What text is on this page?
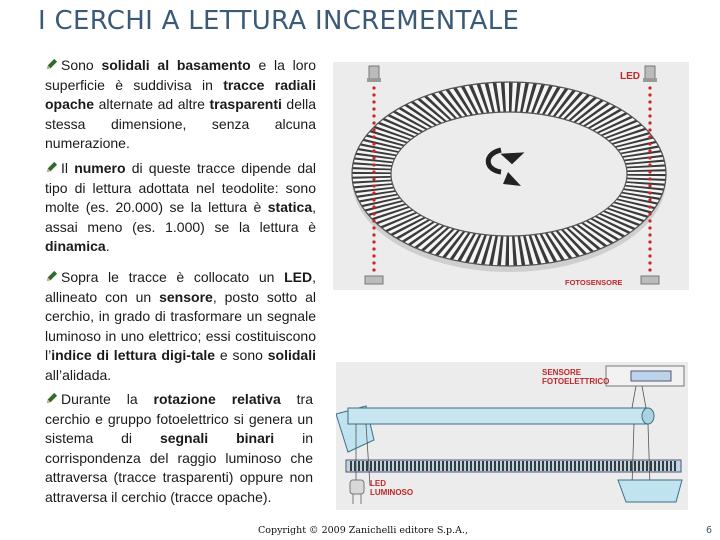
I CERCHI A LETTURA INCREMENTALE
Sono solidali al basamento e la loro superficie è suddivisa in tracce radiali opache alternate ad altre trasparenti della stessa dimensione, senza alcuna numerazione.
Il numero di queste tracce dipende dal tipo di lettura adottata nel teodolite: sono molte (es. 20.000) se la lettura è statica, assai meno (es. 1.000) se la lettura è dinamica.
Sopra le tracce è collocato un LED, allineato con un sensore, posto sotto al cerchio, in grado di trasformare un segnale luminoso in uno elettrico; essi costituiscono l’indice di lettura digi-tale e sono solidali all’alidada.
Durante la rotazione relativa tra cerchio e gruppo fotoelettrico si genera un sistema di segnali binari in corrispondenza del raggio luminoso che attraversa (tracce trasparenti) oppure non attraversa il cerchio (tracce opache).
LED
FOTOSENSORE
SENSORE
FOTOELETTRICO
LED
LUMINOSO
Copyright © 2009 Zanichelli editore S.p.A.,	6
